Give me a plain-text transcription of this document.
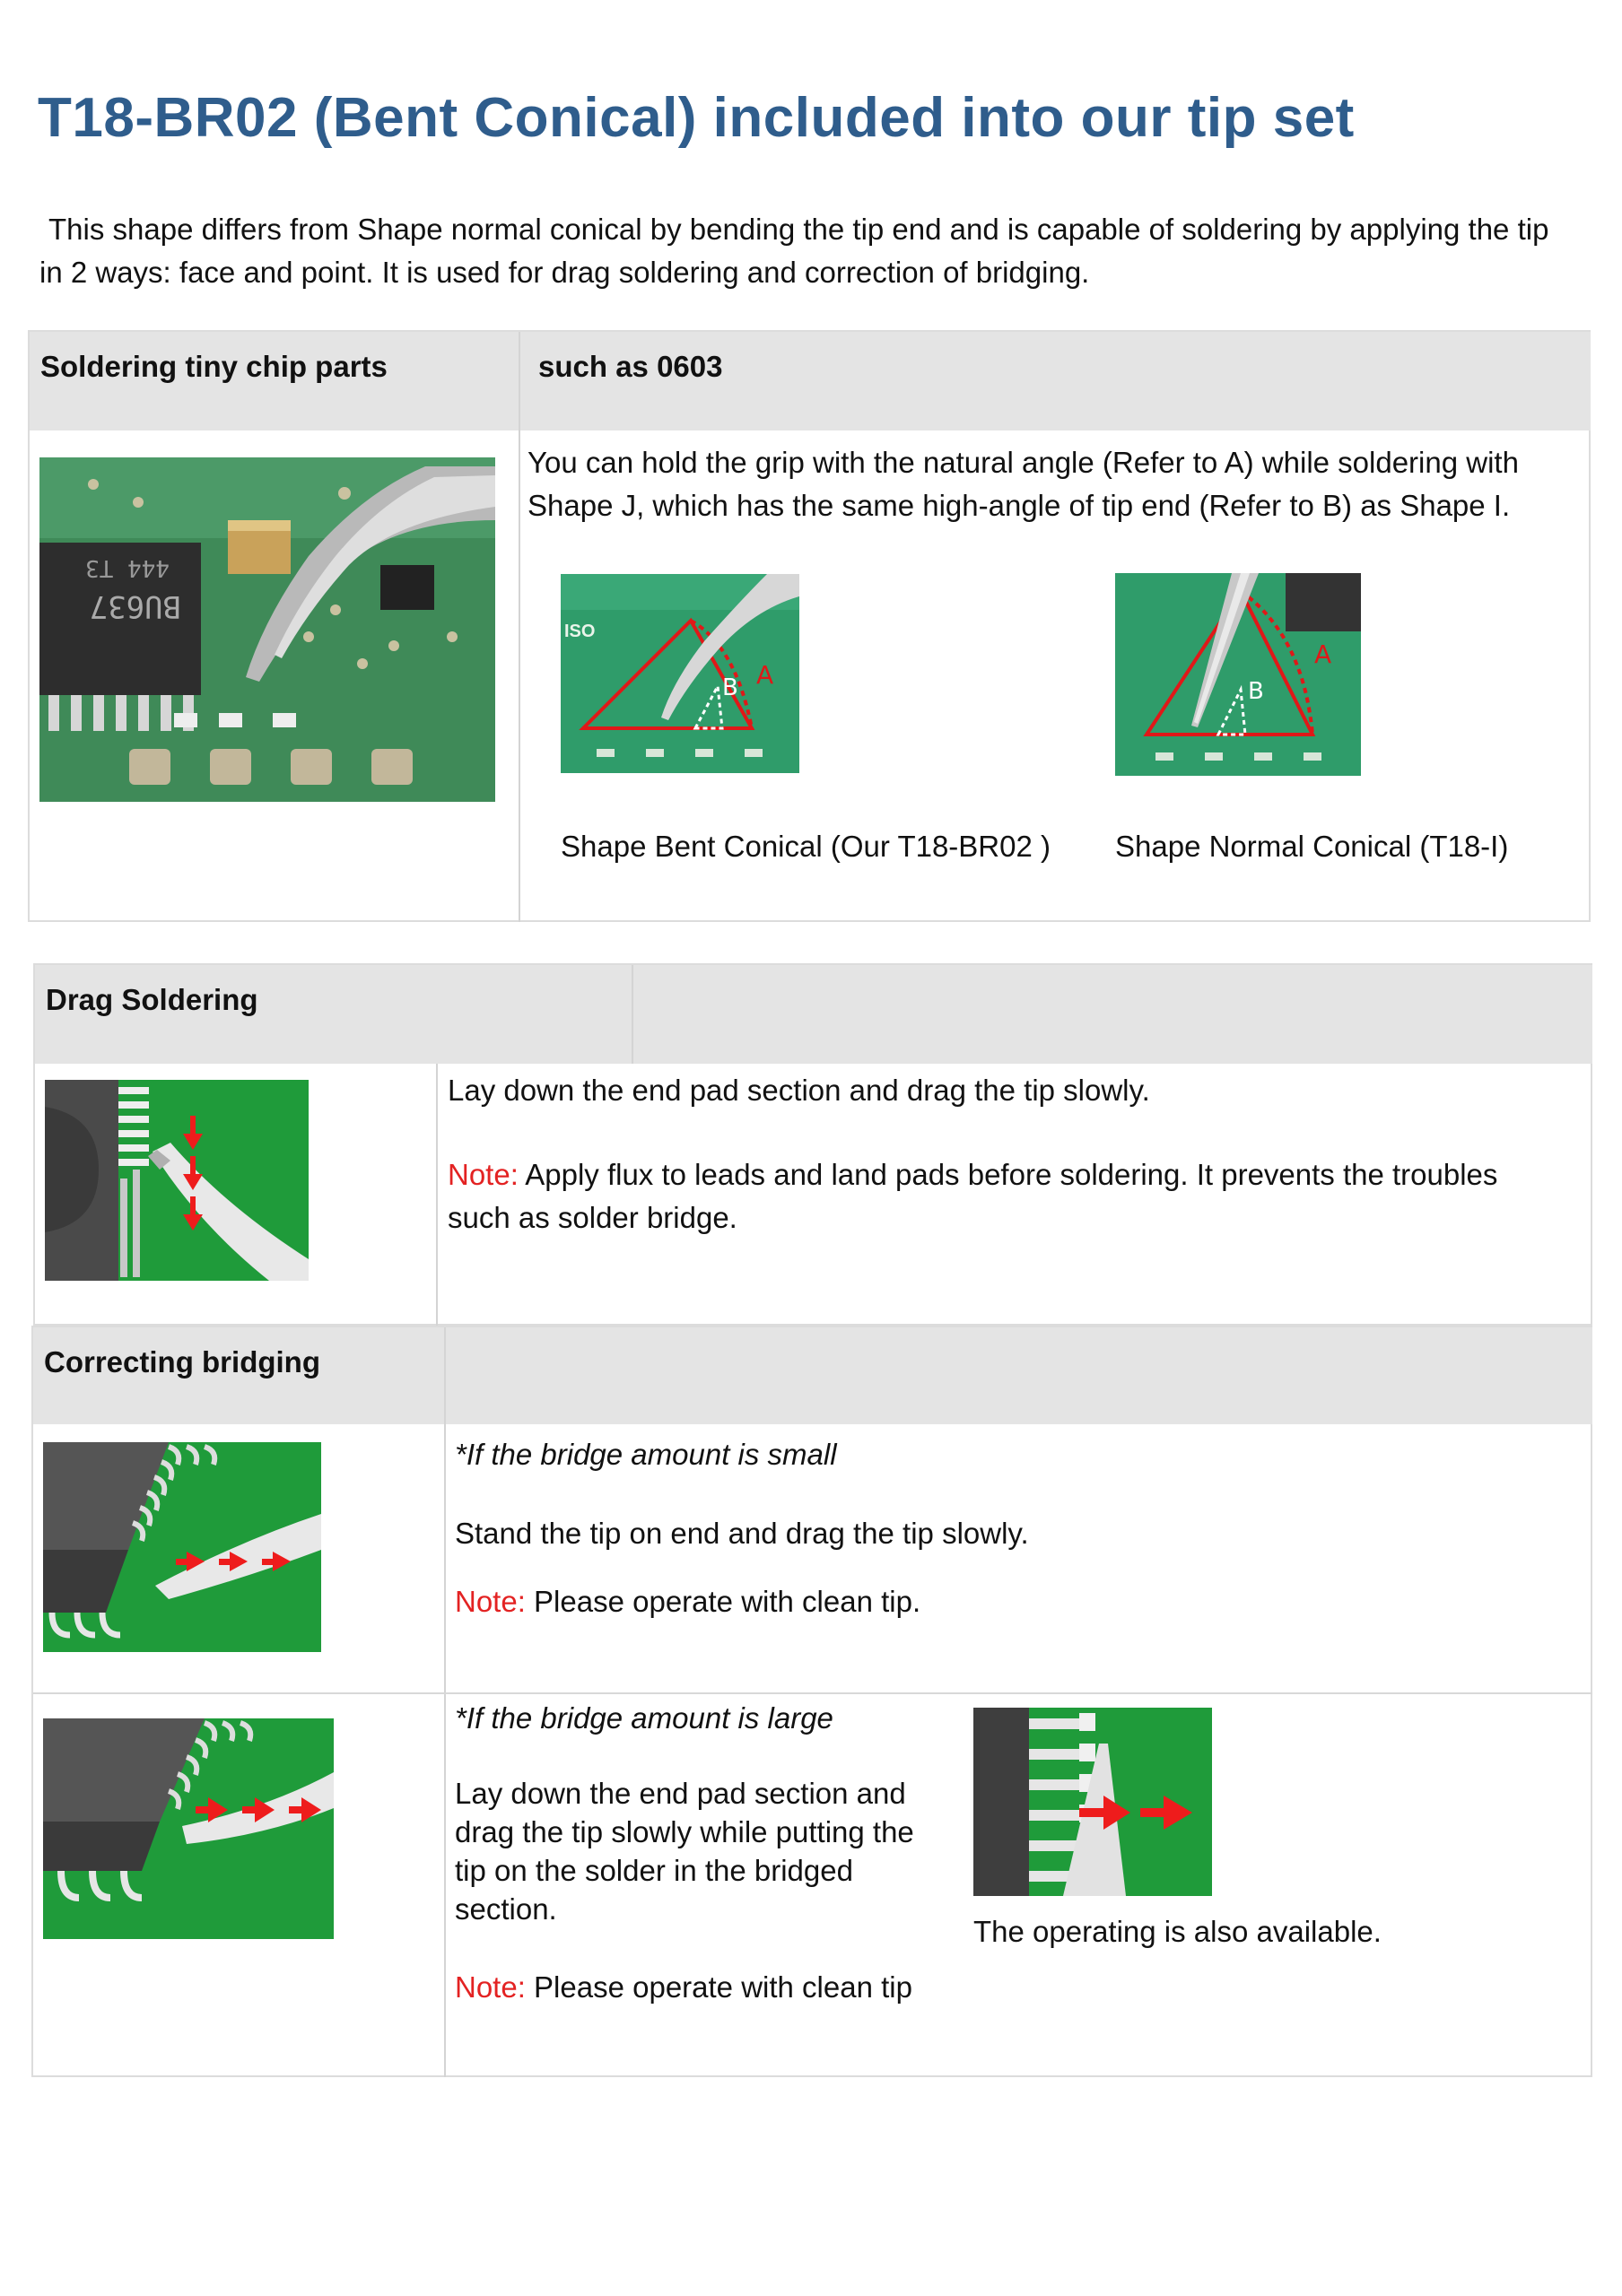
T18-BR02 (Bent Conical) included into our tip set
This shape differs from Shape normal conical by bending the tip end and is capable of soldering by applying the tip
in 2 ways: face and point. It is used for drag soldering and correction of bridging.
Soldering tiny chip parts	such as 0603
BU637
444 T3
You can hold the grip with the natural angle (Refer to A) while soldering with
Shape J, which has the same high-angle of tip end (Refer to B) as Shape I.
ISO
B A
B
A
Shape Bent Conical (Our T18-BR02 ) Shape Normal Conical (T18-I)
Drag Soldering
Lay down the end pad section and drag the tip slowly.
Note: Apply flux to leads and land pads before soldering. It prevents the troubles
such as solder bridge.
Correcting bridging
*If the bridge amount is small
Stand the tip on end and drag the tip slowly.
Note: Please operate with clean tip.
*If the bridge amount is large
Lay down the end pad section and
drag the tip slowly while putting the
tip on the solder in the bridged
section.
Note: Please operate with clean tip
The operating is also available.
